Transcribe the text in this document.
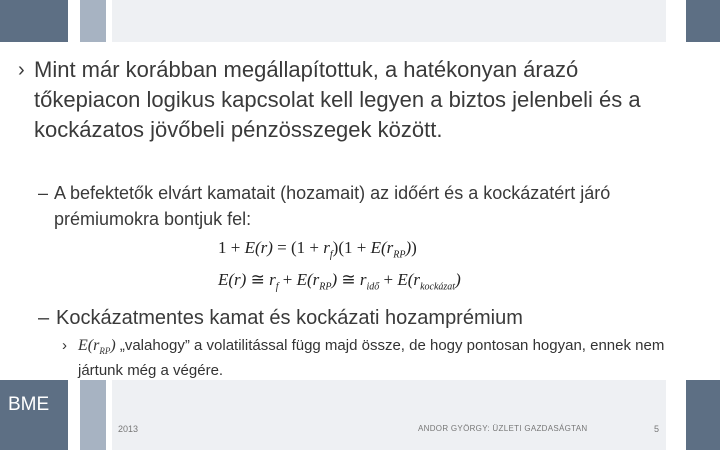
› Mint már korábban megállapítottuk, a hatékonyan árazó tőkepiacon logikus kapcsolat kell legyen a biztos jelenbeli és a kockázatos jövőbeli pénzösszegek között.
– A befektetők elvárt kamatait (hozamait) az időért és a kockázatért járó prémiumokra bontjuk fel:
$1 + E(r) = (1 + r_f)(1 + E(r_{RP}))$
E(r) ≅ $r_f + E(r_{RP})$ ≅ $r_{idő} + E(r_{kockázat})$
– Kockázatmentes kamat és kockázati hozamprémium
› $E(r_{RP})$ „valahogy” a volatilitással függ majd össze, de hogy pontosan hogyan, ennek nem jártunk még a végére.
BME
2013	ANDOR GYÖRGY: ÜZLETI GAZDASÁGTAN	5
